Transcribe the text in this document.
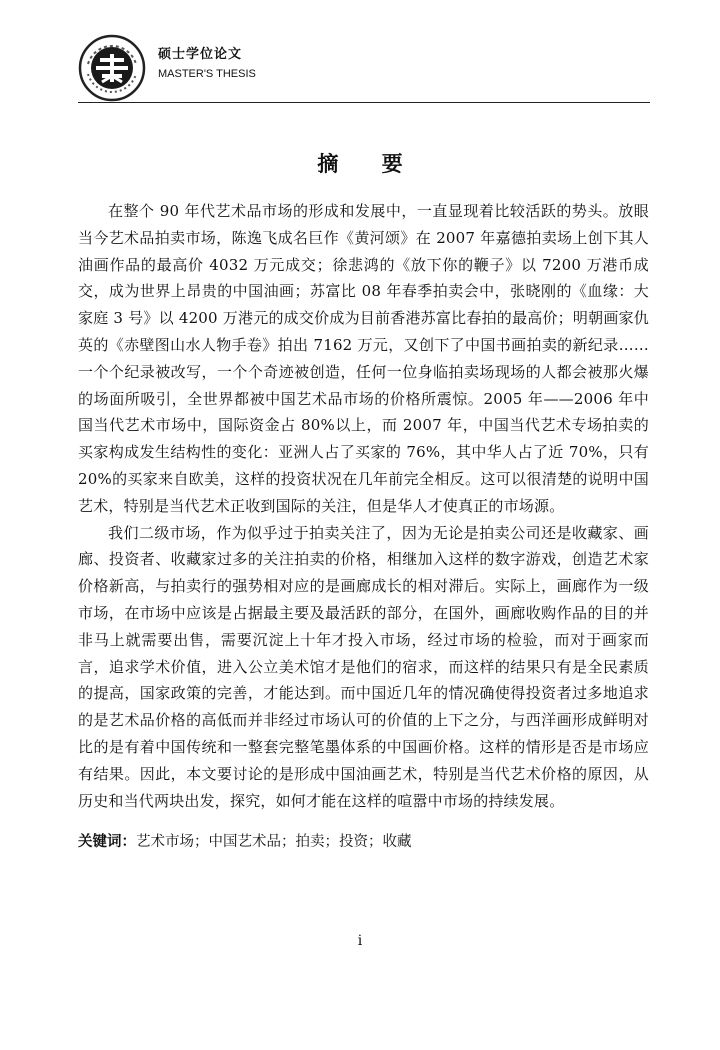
硕士学位论文
MASTER'S THESIS
摘 要

在整个 90 年代艺术品市场的形成和发展中，一直显现着比较活跃的势头。放眼当今艺术品拍卖市场，陈逸飞成名巨作《黄河颂》在 2007 年嘉德拍卖场上创下其人油画作品的最高价 4032 万元成交；徐悲鸿的《放下你的鞭子》以 7200 万港币成交，成为世界上昂贵的中国油画；苏富比 08 年春季拍卖会中，张晓刚的《血缘：大家庭 3 号》以 4200 万港元的成交价成为目前香港苏富比春拍的最高价；明朝画家仇英的《赤壁图山水人物手卷》拍出 7162 万元，又创下了中国书画拍卖的新纪录……一个个纪录被改写，一个个奇迹被创造，任何一位身临拍卖场现场的人都会被那火爆的场面所吸引，全世界都被中国艺术品市场的价格所震惊。2005 年——2006 年中国当代艺术市场中，国际资金占 80%以上，而 2007 年，中国当代艺术专场拍卖的买家构成发生结构性的变化：亚洲人占了买家的 76%，其中华人占了近 70%，只有 20%的买家来自欧美，这样的投资状况在几年前完全相反。这可以很清楚的说明中国艺术，特别是当代艺术正收到国际的关注，但是华人才使真正的市场源。

我们二级市场，作为似乎过于拍卖关注了，因为无论是拍卖公司还是收藏家、画廊、投资者、收藏家过多的关注拍卖的价格，相继加入这样的数字游戏，创造艺术家价格新高，与拍卖行的强势相对应的是画廊成长的相对滞后。实际上，画廊作为一级市场，在市场中应该是占据最主要及最活跃的部分，在国外，画廊收购作品的目的并非马上就需要出售，需要沉淀上十年才投入市场，经过市场的检验，而对于画家而言，追求学术价值，进入公立美术馆才是他们的宿求，而这样的结果只有是全民素质的提高，国家政策的完善，才能达到。而中国近几年的情况确使得投资者过多地追求的是艺术品价格的高低而并非经过市场认可的价值的上下之分，与西洋画形成鲜明对比的是有着中国传统和一整套完整笔墨体系的中国画价格。这样的情形是否是市场应有结果。因此，本文要讨论的是形成中国油画艺术，特别是当代艺术价格的原因，从历史和当代两块出发，探究，如何才能在这样的喧嚣中市场的持续发展。

关键词：艺术市场；中国艺术品；拍卖；投资；收藏
i
